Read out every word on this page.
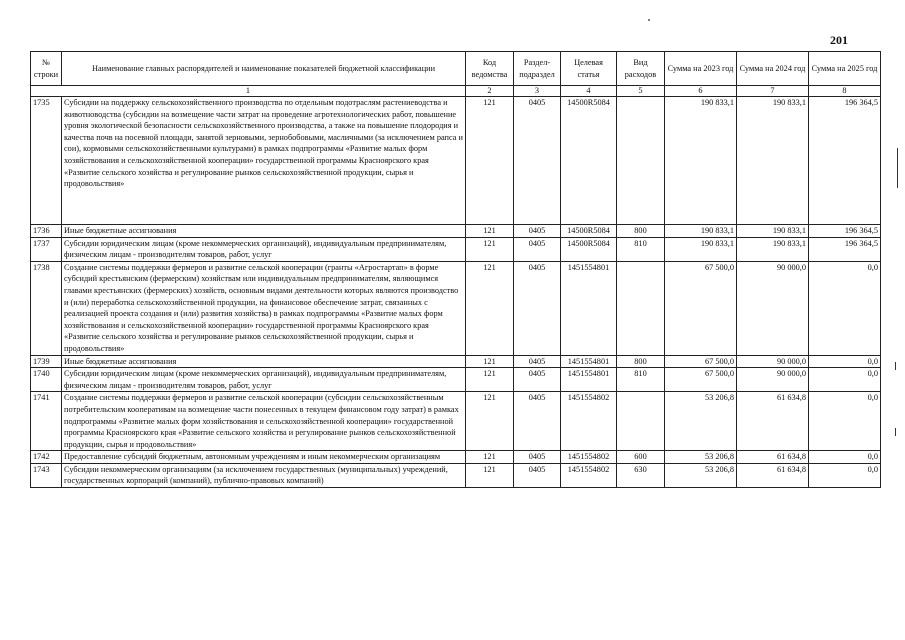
201
№ строки	Наименование главных распорядителей и наименование показателей бюджетной классификации	Код ведомства	Раздел-подраздел	Целевая статья	Вид расходов	Сумма на 2023 год	Сумма на 2024 год	Сумма на 2025 год
1		2	3	4	5	6	7	8
1735	Субсидии на поддержку сельскохозяйственного производства по отдельным подотраслям растениеводства и животноводства (субсидии на возмещение части затрат на проведение агротехнологических работ, повышение уровня экологической безопасности сельскохозяйственного производства, а также на повышение плодородия и качества почв на посевной площади, занятой зерновыми, зернобобовыми, масличными (за исключением рапса и сои), кормовыми сельскохозяйственными культурами) в рамках подпрограммы «Развитие малых форм хозяйствования и сельскохозяйственной кооперации» государственной программы Красноярского края «Развитие сельского хозяйства и регулирование рынков сельскохозяйственной продукции, сырья и продовольствия»	121	0405	14500R5084		190 833,1	190 833,1	196 364,5
1736	Иные бюджетные ассигнования	121	0405	14500R5084	800	190 833,1	190 833,1	196 364,5
1737	Субсидии юридическим лицам (кроме некоммерческих организаций), индивидуальным предпринимателям, физическим лицам - производителям товаров, работ, услуг	121	0405	14500R5084	810	190 833,1	190 833,1	196 364,5
1738	Создание системы поддержки фермеров и развитие сельской кооперации (гранты «Агростартап» в форме субсидий крестьянским (фермерским) хозяйствам или индивидуальным предпринимателям, являющимся главами крестьянских (фермерских) хозяйств, основным видами деятельности которых являются производство и (или) переработка сельскохозяйственной продукции, на финансовое обеспечение затрат, связанных с реализацией проекта создания и (или) развития хозяйства) в рамках подпрограммы «Развитие малых форм хозяйствования и сельскохозяйственной кооперации» государственной программы Красноярского края «Развитие сельского хозяйства и регулирование рынков сельскохозяйственной продукции, сырья и продовольствия»	121	0405	1451554801		67 500,0	90 000,0	0,0
1739	Иные бюджетные ассигнования	121	0405	1451554801	800	67 500,0	90 000,0	0,0
1740	Субсидии юридическим лицам (кроме некоммерческих организаций), индивидуальным предпринимателям, физическим лицам - производителям товаров, работ, услуг	121	0405	1451554801	810	67 500,0	90 000,0	0,0
1741	Создание системы поддержки фермеров и развитие сельской кооперации (субсидии сельскохозяйственным потребительским кооперативам на возмещение части понесенных в текущем финансовом году затрат) в рамках подпрограммы «Развитие малых форм хозяйствования и сельскохозяйственной кооперации» государственной программы Красноярского края «Развитие сельского хозяйства и регулирование рынков сельскохозяйственной продукции, сырья и продовольствия»	121	0405	1451554802		53 206,8	61 634,8	0,0
1742	Предоставление субсидий бюджетным, автономным учреждениям и иным некоммерческим организациям	121	0405	1451554802	600	53 206,8	61 634,8	0,0
1743	Субсидии некоммерческим организациям (за исключением государственных (муниципальных) учреждений, государственных корпораций (компаний), публично-правовых компаний)	121	0405	1451554802	630	53 206,8	61 634,8	0,0
